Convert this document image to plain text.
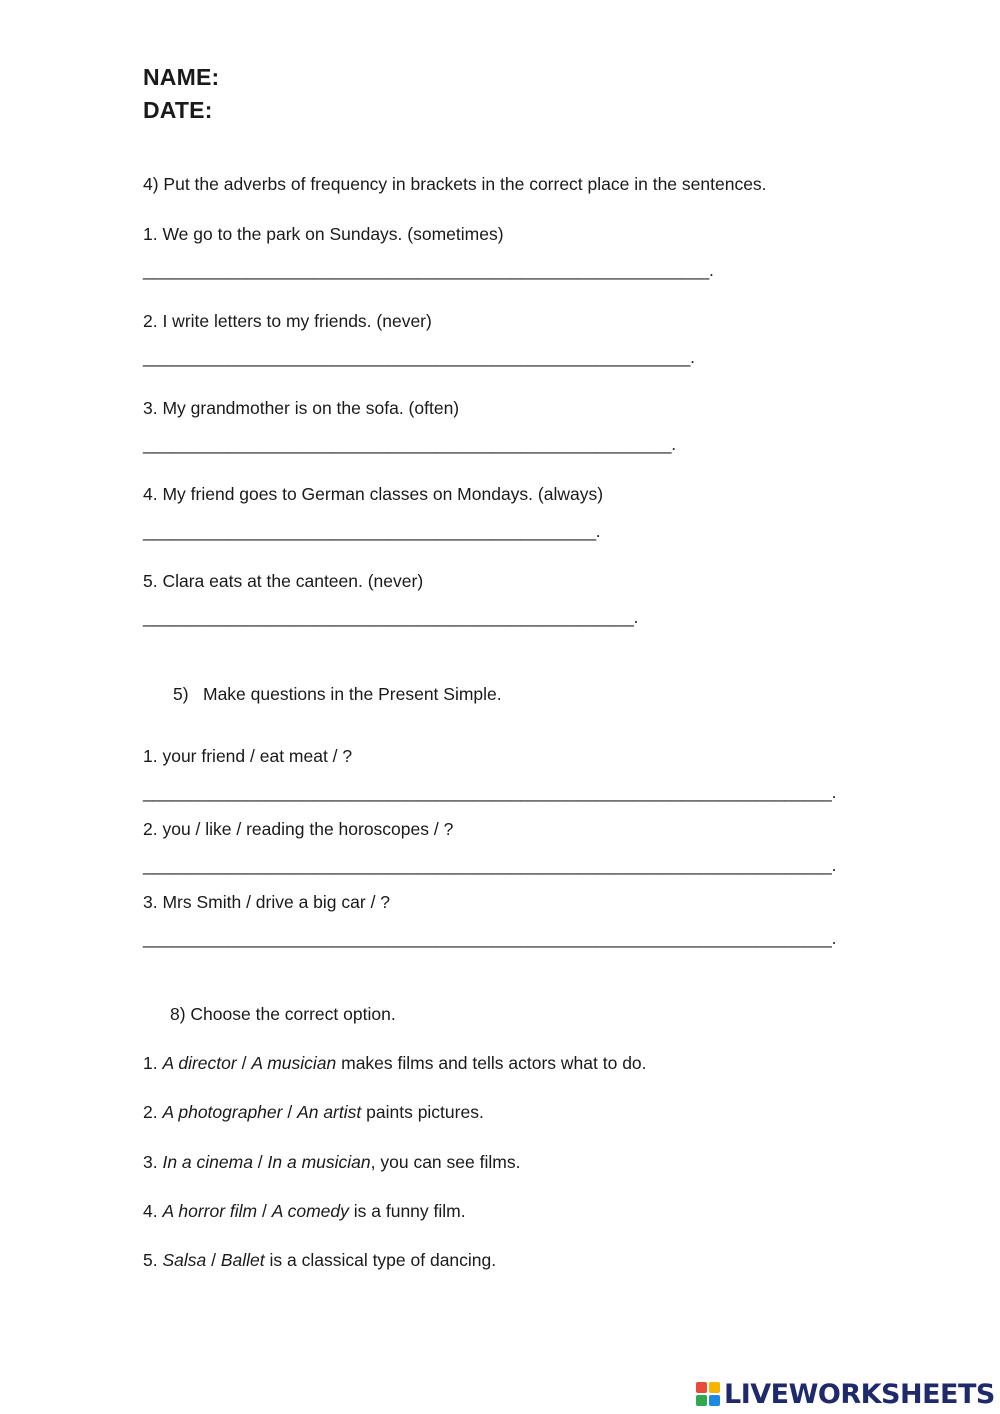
NAME:
DATE:
4) Put the adverbs of frequency in brackets in the correct place in the sentences.
1. We go to the park on Sundays. (sometimes)
____________________________________________________________.
2. I write letters to my friends. (never)
__________________________________________________________.
3. My grandmother is on the sofa. (often)
________________________________________________________.
4. My friend goes to German classes on Mondays. (always)
________________________________________________.
5. Clara eats at the canteen. (never)
____________________________________________________.
5) Make questions in the Present Simple.
1. your friend / eat meat / ?
_________________________________________________________________________.
2. you / like / reading the horoscopes / ?
_________________________________________________________________________.
3. Mrs Smith / drive a big car / ?
_________________________________________________________________________.
8) Choose the correct option.
1. A director / A musician makes films and tells actors what to do.
2. A photographer / An artist paints pictures.
3. In a cinema / In a musician, you can see films.
4. A horror film / A comedy is a funny film.
5. Salsa / Ballet is a classical type of dancing.
LIVEWORKSHEETS
